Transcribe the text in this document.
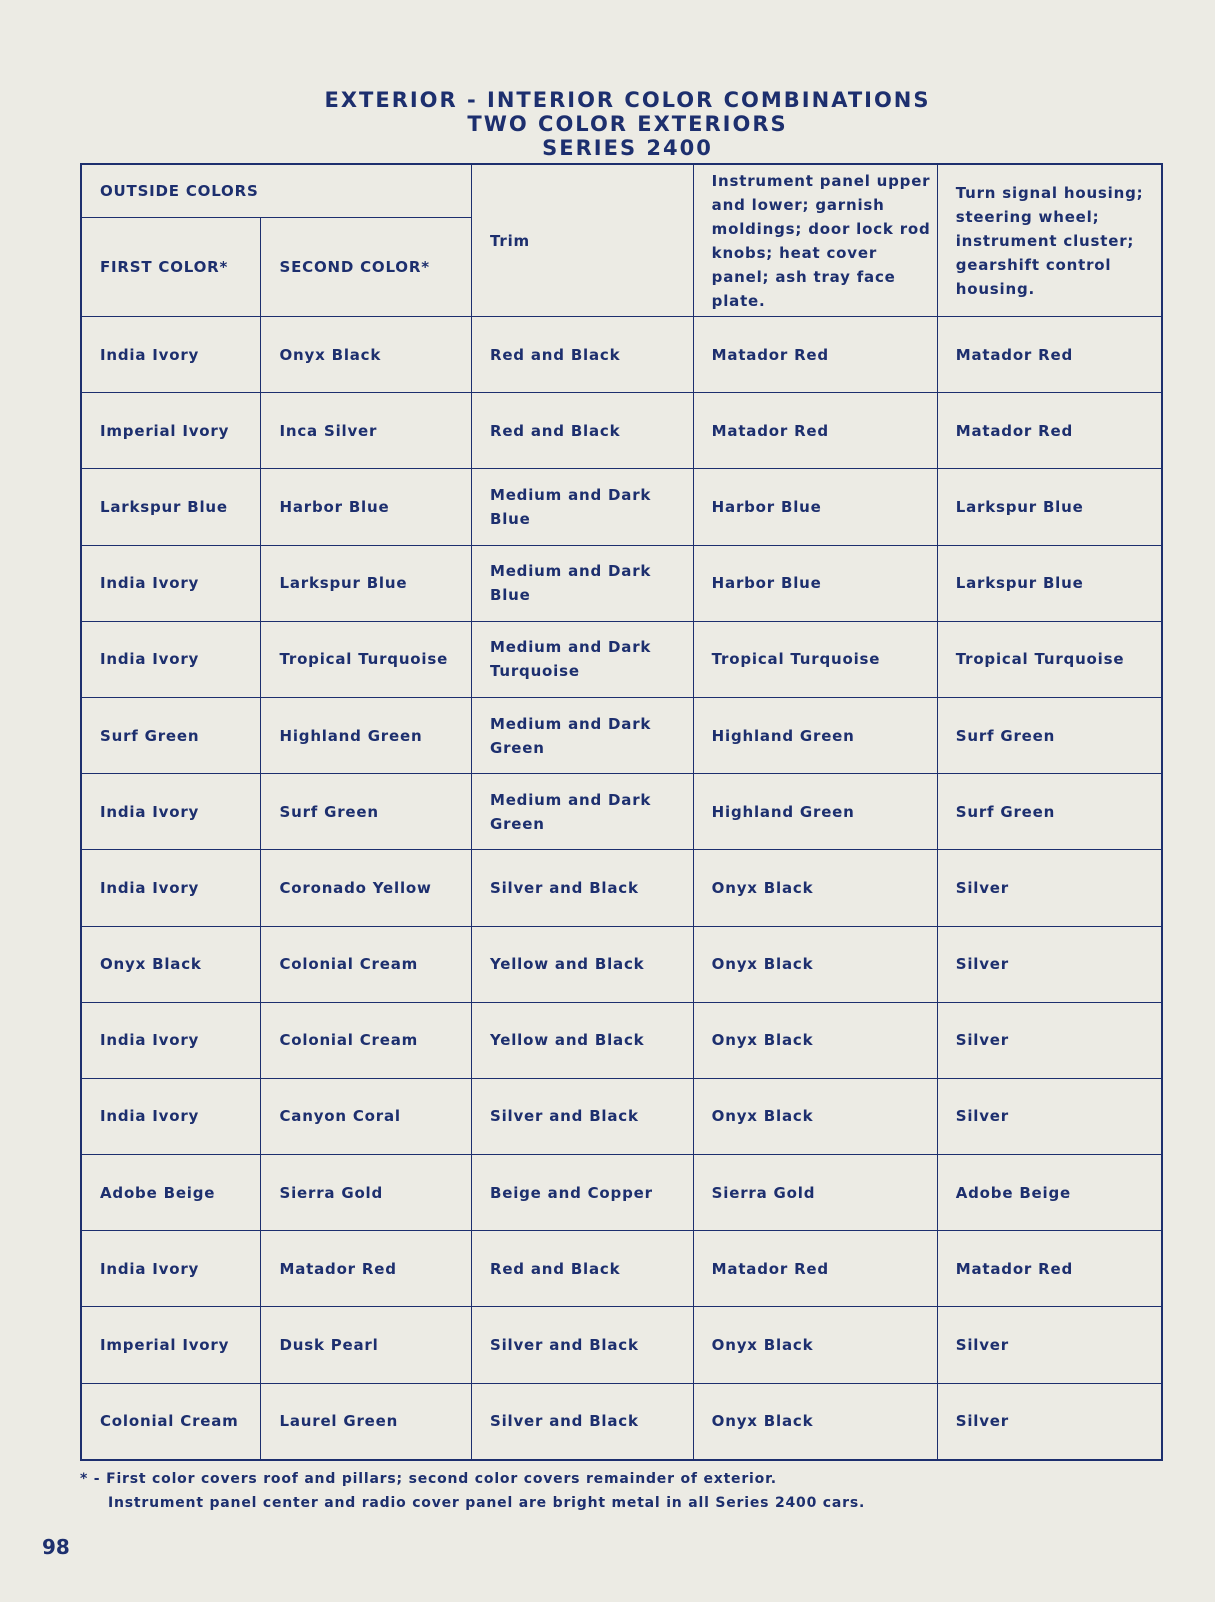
EXTERIOR - INTERIOR COLOR COMBINATIONS
TWO COLOR EXTERIORS
SERIES 2400
OUTSIDE COLORS		Trim	Instrument panel upper and lower; garnish moldings; door lock rod knobs; heat cover panel; ash tray face plate.	Turn signal housing; steering wheel; instrument cluster; gearshift control housing.
FIRST COLOR*	SECOND COLOR*			
India Ivory	Onyx Black	Red and Black	Matador Red	Matador Red
Imperial Ivory	Inca Silver	Red and Black	Matador Red	Matador Red
Larkspur Blue	Harbor Blue	Medium and Dark Blue	Harbor Blue	Larkspur Blue
India Ivory	Larkspur Blue	Medium and Dark Blue	Harbor Blue	Larkspur Blue
India Ivory	Tropical Turquoise	Medium and Dark Turquoise	Tropical Turquoise	Tropical Turquoise
Surf Green	Highland Green	Medium and Dark Green	Highland Green	Surf Green
India Ivory	Surf Green	Medium and Dark Green	Highland Green	Surf Green
India Ivory	Coronado Yellow	Silver and Black	Onyx Black	Silver
Onyx Black	Colonial Cream	Yellow and Black	Onyx Black	Silver
India Ivory	Colonial Cream	Yellow and Black	Onyx Black	Silver
India Ivory	Canyon Coral	Silver and Black	Onyx Black	Silver
Adobe Beige	Sierra Gold	Beige and Copper	Sierra Gold	Adobe Beige
India Ivory	Matador Red	Red and Black	Matador Red	Matador Red
Imperial Ivory	Dusk Pearl	Silver and Black	Onyx Black	Silver
Colonial Cream	Laurel Green	Silver and Black	Onyx Black	Silver
* - First color covers roof and pillars; second color covers remainder of exterior.
Instrument panel center and radio cover panel are bright metal in all Series 2400 cars.
98
